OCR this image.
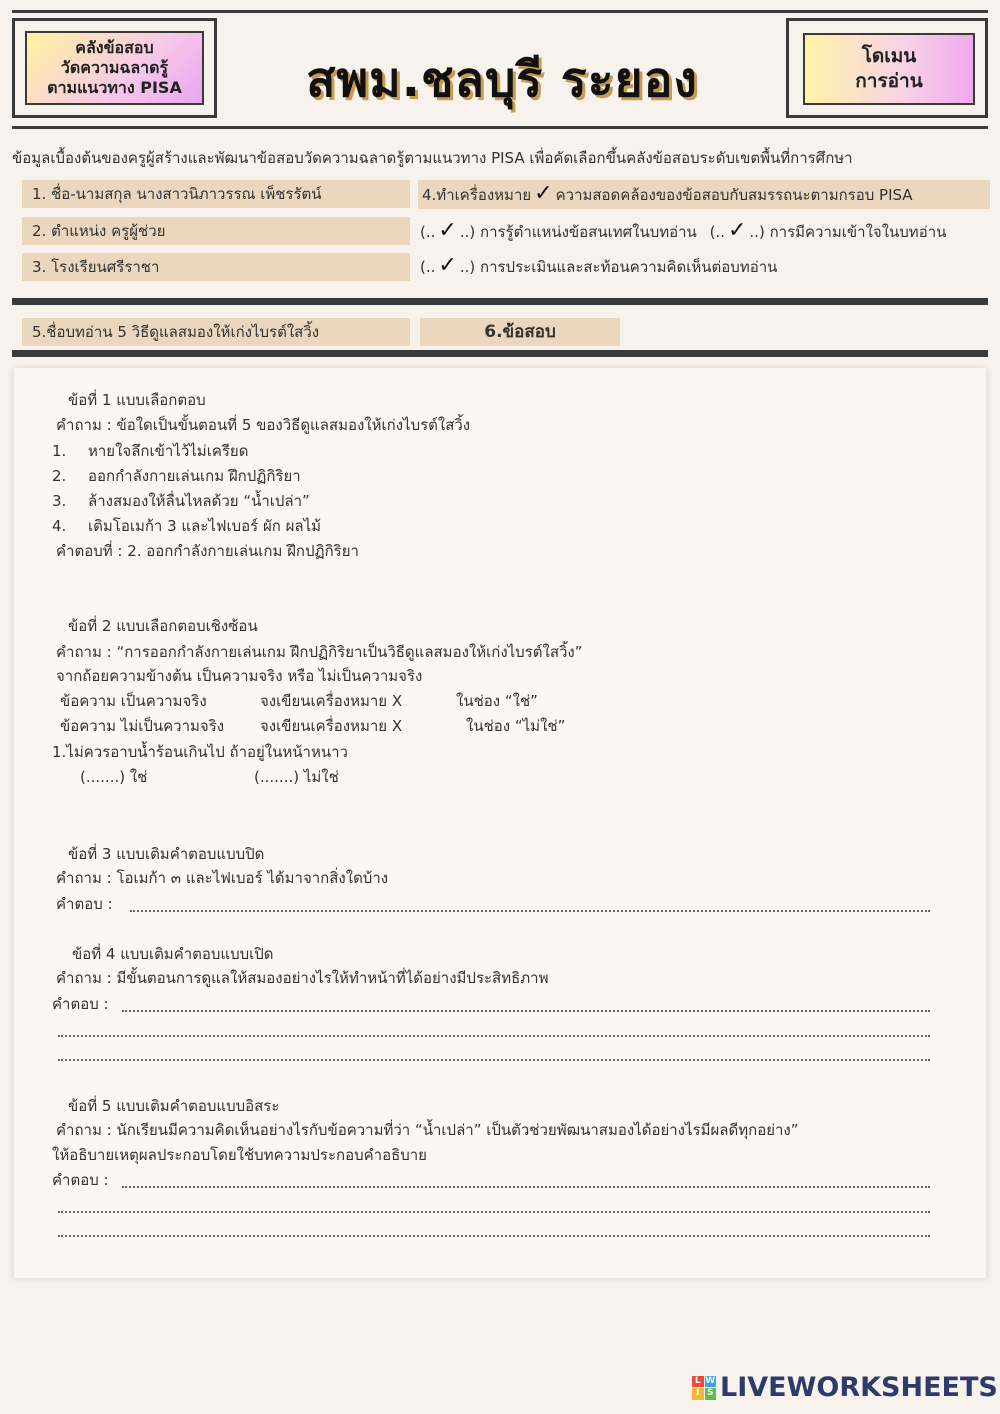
คลังข้อสอบ
วัดความฉลาดรู้
ตามแนวทาง PISA	สพม.ชลบุรี ระยอง	โดเมน
การอ่าน
ข้อมูลเบื้องต้นของครูผู้สร้างและพัฒนาข้อสอบวัดความฉลาดรู้ตามแนวทาง PISA เพื่อคัดเลือกขึ้นคลังข้อสอบระดับเขตพื้นที่การศึกษา
1. ชื่อ-นามสกุล นางสาวนิภาวรรณ เพ็ชรรัตน์
2. ตำแหน่ง ครูผู้ช่วย
3. โรงเรียนศรีราชา
4.ทำเครื่องหมาย ✓ ความสอดคล้องของข้อสอบกับสมรรถนะตามกรอบ PISA
(.. ✓ ..) การรู้ตำแหน่งข้อสนเทศในบทอ่าน (.. ✓ ..) การมีความเข้าใจในบทอ่าน
(.. ✓ ..) การประเมินและสะท้อนความคิดเห็นต่อบทอ่าน
5.ชื่อบทอ่าน 5 วิธีดูแลสมองให้เก่งไบรต์ใสวิ้ง	6.ข้อสอบ
ข้อที่ 1 แบบเลือกตอบ
คำถาม : ข้อใดเป็นขั้นตอนที่ 5 ของวิธีดูแลสมองให้เก่งไบรต์ใสวิ้ง
1. หายใจลึกเข้าไว้ไม่เครียด
2. ออกกำลังกายเล่นเกม ฝึกปฏิกิริยา
3. ล้างสมองให้ลื่นไหลด้วย “น้ำเปล่า”
4. เติมโอเมก้า 3 และไฟเบอร์ ผัก ผลไม้
คำตอบที่ : 2. ออกกำลังกายเล่นเกม ฝึกปฏิกิริยา
ข้อที่ 2 แบบเลือกตอบเชิงซ้อน
คำถาม : “การออกกำลังกายเล่นเกม ฝึกปฏิกิริยาเป็นวิธีดูแลสมองให้เก่งไบรต์ใสวิ้ง”
จากถ้อยความข้างต้น เป็นความจริง หรือ ไม่เป็นความจริง
ข้อความ เป็นความจริง	จงเขียนเครื่องหมาย X	ในช่อง “ใช่”
ข้อความ ไม่เป็นความจริง จงเขียนเครื่องหมาย X	ในช่อง “ไม่ใช่”
1.ไม่ควรอาบน้ำร้อนเกินไป ถ้าอยู่ในหน้าหนาว
(.......) ใช่	(.......) ไม่ใช่
ข้อที่ 3 แบบเติมคำตอบแบบปิด
คำถาม : โอเมก้า ๓ และไฟเบอร์ ได้มาจากสิ่งใดบ้าง
คำตอบ :
ข้อที่ 4 แบบเติมคำตอบแบบเปิด
คำถาม : มีขั้นตอนการดูแลให้สมองอย่างไรให้ทำหน้าที่ได้อย่างมีประสิทธิภาพ
คำตอบ :
ข้อที่ 5 แบบเติมคำตอบแบบอิสระ
คำถาม : นักเรียนมีความคิดเห็นอย่างไรกับข้อความที่ว่า “น้ำเปล่า” เป็นตัวช่วยพัฒนาสมองได้อย่างไรมีผลดีทุกอย่าง”
ให้อธิบายเหตุผลประกอบโดยใช้บทความประกอบคำอธิบาย
คำตอบ :
L W
I S LIVEWORKSHEETS
